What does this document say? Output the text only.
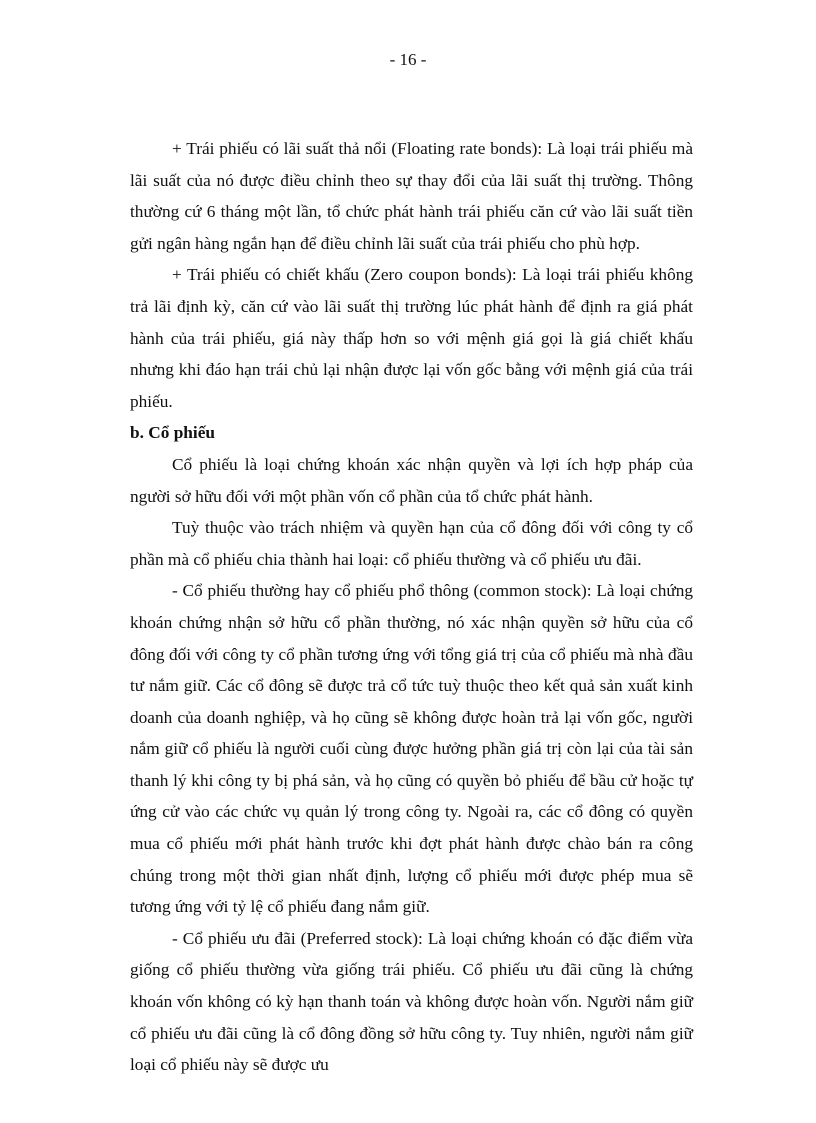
- 16 -

+ Trái phiếu có lãi suất thả nổi (Floating rate bonds): Là loại trái phiếu mà lãi suất của nó được điều chỉnh theo sự thay đổi của lãi suất thị trường. Thông thường cứ 6 tháng một lần, tổ chức phát hành trái phiếu căn cứ vào lãi suất tiền gửi ngân hàng ngắn hạn để điều chỉnh lãi suất của trái phiếu cho phù hợp.

+ Trái phiếu có chiết khấu (Zero coupon bonds): Là loại trái phiếu không trả lãi định kỳ, căn cứ vào lãi suất thị trường lúc phát hành để định ra giá phát hành của trái phiếu, giá này thấp hơn so với mệnh giá gọi là giá chiết khấu nhưng khi đáo hạn trái chủ lại nhận được lại vốn gốc bằng với mệnh giá của trái phiếu.

b. Cổ phiếu

Cổ phiếu là loại chứng khoán xác nhận quyền và lợi ích hợp pháp của người sở hữu đối với một phần vốn cổ phần của tổ chức phát hành.

Tuỳ thuộc vào trách nhiệm và quyền hạn của cổ đông đối với công ty cổ phần mà cổ phiếu chia thành hai loại: cổ phiếu thường và cổ phiếu ưu đãi.

- Cổ phiếu thường hay cổ phiếu phổ thông (common stock): Là loại chứng khoán chứng nhận sở hữu cổ phần thường, nó xác nhận quyền sở hữu của cổ đông đối với công ty cổ phần tương ứng với tổng giá trị của cổ phiếu mà nhà đầu tư nắm giữ. Các cổ đông sẽ được trả cổ tức tuỳ thuộc theo kết quả sản xuất kinh doanh của doanh nghiệp, và họ cũng sẽ không được hoàn trả lại vốn gốc, người nắm giữ cổ phiếu là người cuối cùng được hưởng phần giá trị còn lại của tài sản thanh lý khi công ty bị phá sản, và họ cũng có quyền bỏ phiếu để bầu cử hoặc tự ứng cử vào các chức vụ quản lý trong công ty. Ngoài ra, các cổ đông có quyền mua cổ phiếu mới phát hành trước khi đợt phát hành được chào bán ra công chúng trong một thời gian nhất định, lượng cổ phiếu mới được phép mua sẽ tương ứng với tỷ lệ cổ phiếu đang nắm giữ.

- Cổ phiếu ưu đãi (Preferred stock): Là loại chứng khoán có đặc điểm vừa giống cổ phiếu thường vừa giống trái phiếu. Cổ phiếu ưu đãi cũng là chứng khoán vốn không có kỳ hạn thanh toán và không được hoàn vốn. Người nắm giữ cổ phiếu ưu đãi cũng là cổ đông đồng sở hữu công ty. Tuy nhiên, người nắm giữ loại cổ phiếu này sẽ được ưu
